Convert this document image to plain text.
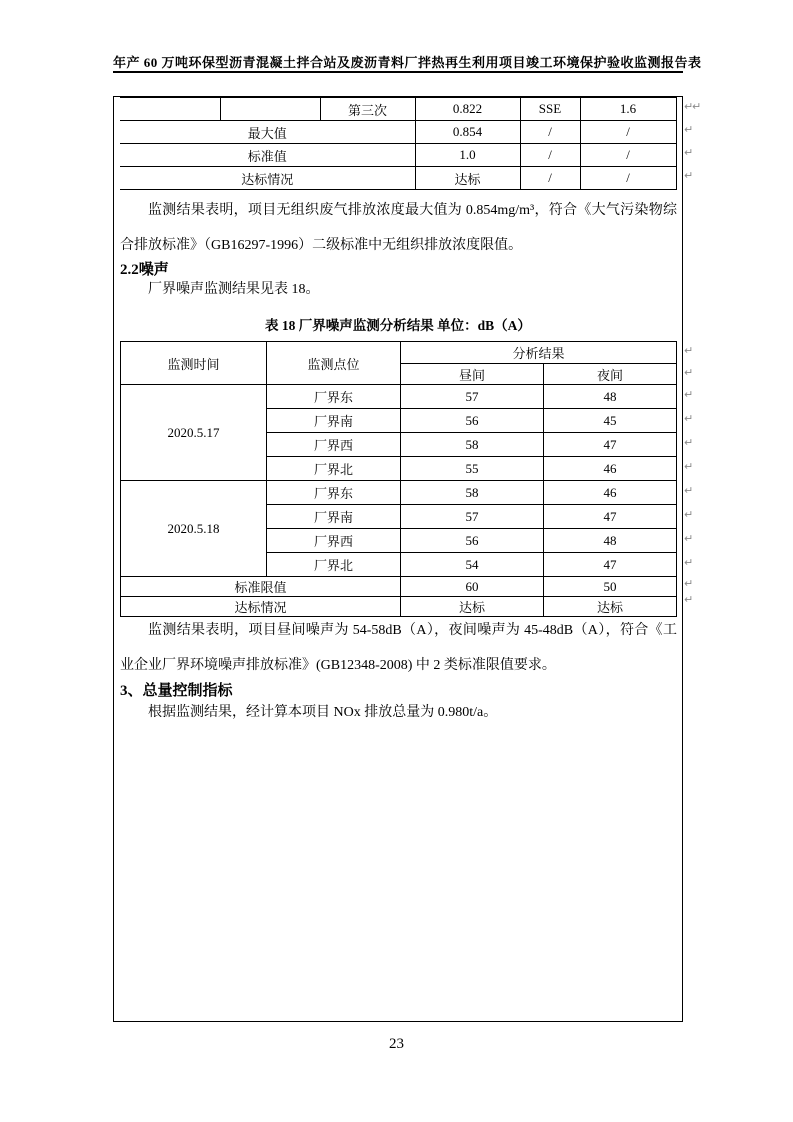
年产 60 万吨环保型沥青混凝土拌合站及废沥青料厂拌热再生利用项目竣工环境保护验收监测报告表
		第三次	0.822	SSE	1.6
最大值			0.854	/	/
标准值			1.0	/	/
达标情况			达标	/	/

监测结果表明，项目无组织废气排放浓度最大值为 0.854mg/m³，符合《大气污染物综合排放标准》（GB16297-1996）二级标准中无组织排放浓度限值。

2.2噪声

厂界噪声监测结果见表 18。

表 18 厂界噪声监测分析结果 单位：dB（A）
监测时间	监测点位	分析结果	
		昼间	夜间
2020.5.17	厂界东	57	48
	厂界南	56	45
	厂界西	58	47
	厂界北	55	46
2020.5.18	厂界东	58	46
	厂界南	57	47
	厂界西	56	48
	厂界北	54	47
标准限值		60	50
达标情况		达标	达标

监测结果表明，项目昼间噪声为 54-58dB（A），夜间噪声为 45-48dB（A），符合《工业企业厂界环境噪声排放标准》(GB12348-2008) 中 2 类标准限值要求。

3、总量控制指标

根据监测结果，经计算本项目 NOx 排放总量为 0.980t/a。

↵
↵
↵
↵
↵
↵
↵
↵
↵
↵
↵
↵
↵
↵
↵
↵
↵
23
